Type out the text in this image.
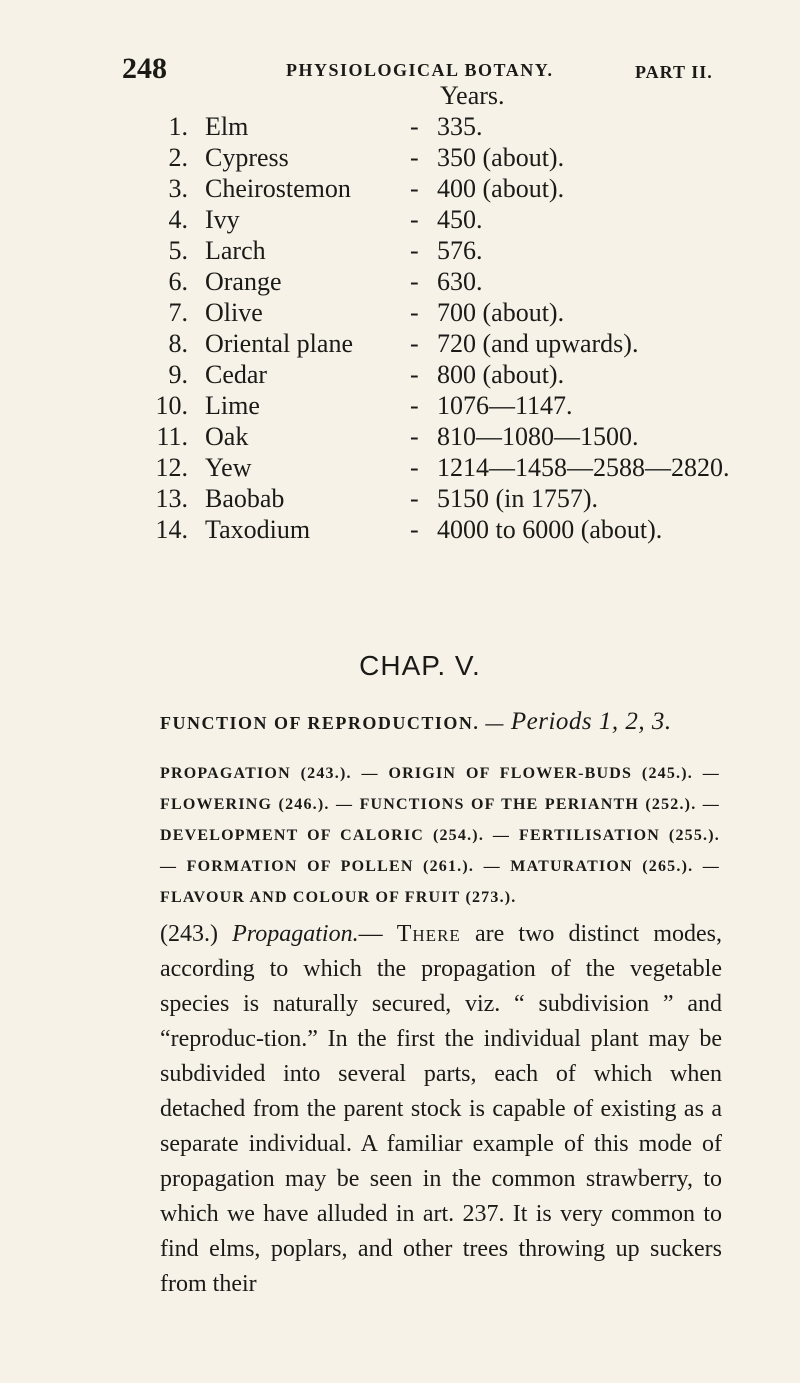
248	PHYSIOLOGICAL BOTANY.	PART II.
Years.
1. Elm	- 335.
2. Cypress	- 350 (about).
3. Cheirostemon - 400 (about).
4. Ivy	- 450.
5. Larch	- 576.
6. Orange	- 630.
7. Olive	- 700 (about).
8. Oriental plane - 720 (and upwards).
9. Cedar	- 800 (about).
10. Lime	- 1076—1147.
11. Oak	- 810—1080—1500.
12. Yew	- 1214—1458—2588—2820.
13. Baobab	- 5150 (in 1757).
14. Taxodium	- 4000 to 6000 (about).
CHAP. V.
FUNCTION OF REPRODUCTION. — Periods 1, 2, 3.
PROPAGATION (243.). — ORIGIN OF FLOWER-BUDS (245.). — FLOWERING (246.). — FUNCTIONS OF THE PERIANTH (252.). — DEVELOPMENT OF CALORIC (254.). — FERTILISATION (255.). — FORMATION OF POLLEN (261.). — MATURATION (265.). — FLAVOUR AND COLOUR OF FRUIT (273.).
(243.) Propagation.— There are two distinct modes, according to which the propagation of the vegetable species is naturally secured, viz. “ subdivision ” and “reproduc-tion.” In the first the individual plant may be subdivided into several parts, each of which when detached from the parent stock is capable of existing as a separate individual. A familiar example of this mode of propagation may be seen in the common strawberry, to which we have alluded in art. 237. It is very common to find elms, poplars, and other trees throwing up suckers from their
